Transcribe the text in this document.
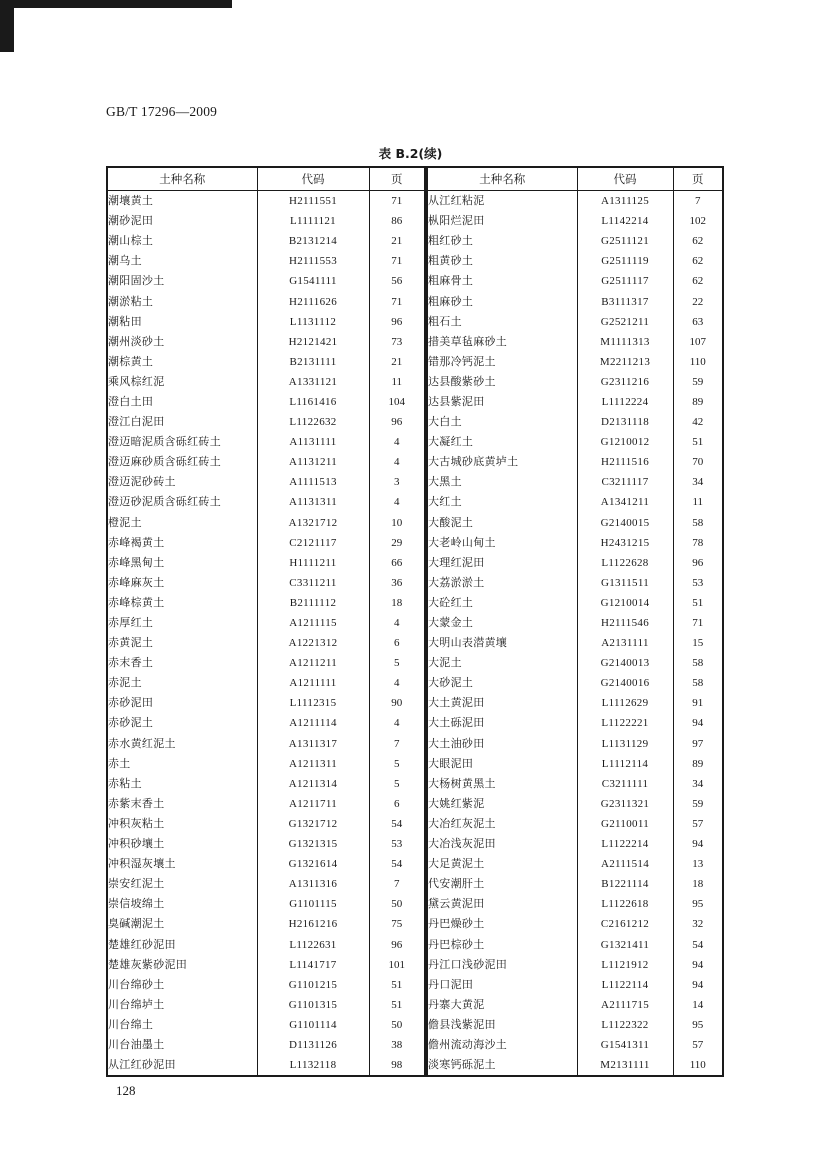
GB/T 17296—2009
表 B.2(续)
土种名称	代码	页
潮壤黄土	H2111551	71
潮砂泥田	L1111121	86
潮山棕土	B2131214	21
潮乌土	H2111553	71
潮阳固沙土	G1541111	56
潮淤粘土	H2111626	71
潮粘田	L1131112	96
潮州淡砂土	H2121421	73
潮棕黄土	B2131111	21
乘风棕红泥	A1331121	11
澄白土田	L1161416	104
澄江白泥田	L1122632	96
澄迈暗泥质含砾红砖土	A1131111	4
澄迈麻砂质含砾红砖土	A1131211	4
澄迈泥砂砖土	A1111513	3
澄迈砂泥质含砾红砖土	A1131311	4
橙泥土	A1321712	10
赤峰褐黄土	C2121117	29
赤峰黑甸土	H1111211	66
赤峰麻灰土	C3311211	36
赤峰棕黄土	B2111112	18
赤厚红土	A1211115	4
赤黄泥土	A1221312	6
赤末香土	A1211211	5
赤泥土	A1211111	4
赤砂泥田	L1112315	90
赤砂泥土	A1211114	4
赤水黄红泥土	A1311317	7
赤土	A1211311	5
赤粘土	A1211314	5
赤紫末香土	A1211711	6
冲积灰粘土	G1321712	54
冲积砂壤土	G1321315	53
冲积湿灰壤土	G1321614	54
崇安红泥土	A1311316	7
崇信坡绵土	G1101115	50
臭碱潮泥土	H2161216	75
楚雄红砂泥田	L1122631	96
楚雄灰紫砂泥田	L1141717	101
川台绵砂土	G1101215	51
川台绵垆土	G1101315	51
川台绵土	G1101114	50
川台油墨土	D1131126	38
从江红砂泥田	L1132118	98
土种名称	代码	页
从江红粘泥	A1311125	7
枞阳烂泥田	L1142214	102
粗红砂土	G2511121	62
粗黄砂土	G2511119	62
粗麻骨土	G2511117	62
粗麻砂土	B3111317	22
粗石土	G2521211	63
措美草毡麻砂土	M1111313	107
错那冷钙泥土	M2211213	110
达县酸紫砂土	G2311216	59
达县紫泥田	L1112224	89
大白土	D2131118	42
大凝红土	G1210012	51
大古城砂底黄垆土	H2111516	70
大黑土	C3211117	34
大红土	A1341211	11
大酸泥土	G2140015	58
大老岭山甸土	H2431215	78
大理红泥田	L1122628	96
大荔淤淤土	G1311511	53
大砼红土	G1210014	51
大蒙金土	H2111546	71
大明山表潜黄壤	A2131111	15
大泥土	G2140013	58
大砂泥土	G2140016	58
大土黄泥田	L1112629	91
大土砾泥田	L1122221	94
大土油砂田	L1131129	97
大眼泥田	L1112114	89
大杨树黄黑土	C3211111	34
大姚红紫泥	G2311321	59
大冶红灰泥土	G2110011	57
大冶浅灰泥田	L1122214	94
大足黄泥土	A2111514	13
代安潮肝土	B1221114	18
黛云黄泥田	L1122618	95
丹巴燥砂土	C2161212	32
丹巴棕砂土	G1321411	54
丹江口浅砂泥田	L1121912	94
丹口泥田	L1122114	94
丹寨大黄泥	A2111715	14
儋县浅紫泥田	L1122322	95
儋州流动海沙土	G1541311	57
淡寒钙砾泥土	M2131111	110
128
